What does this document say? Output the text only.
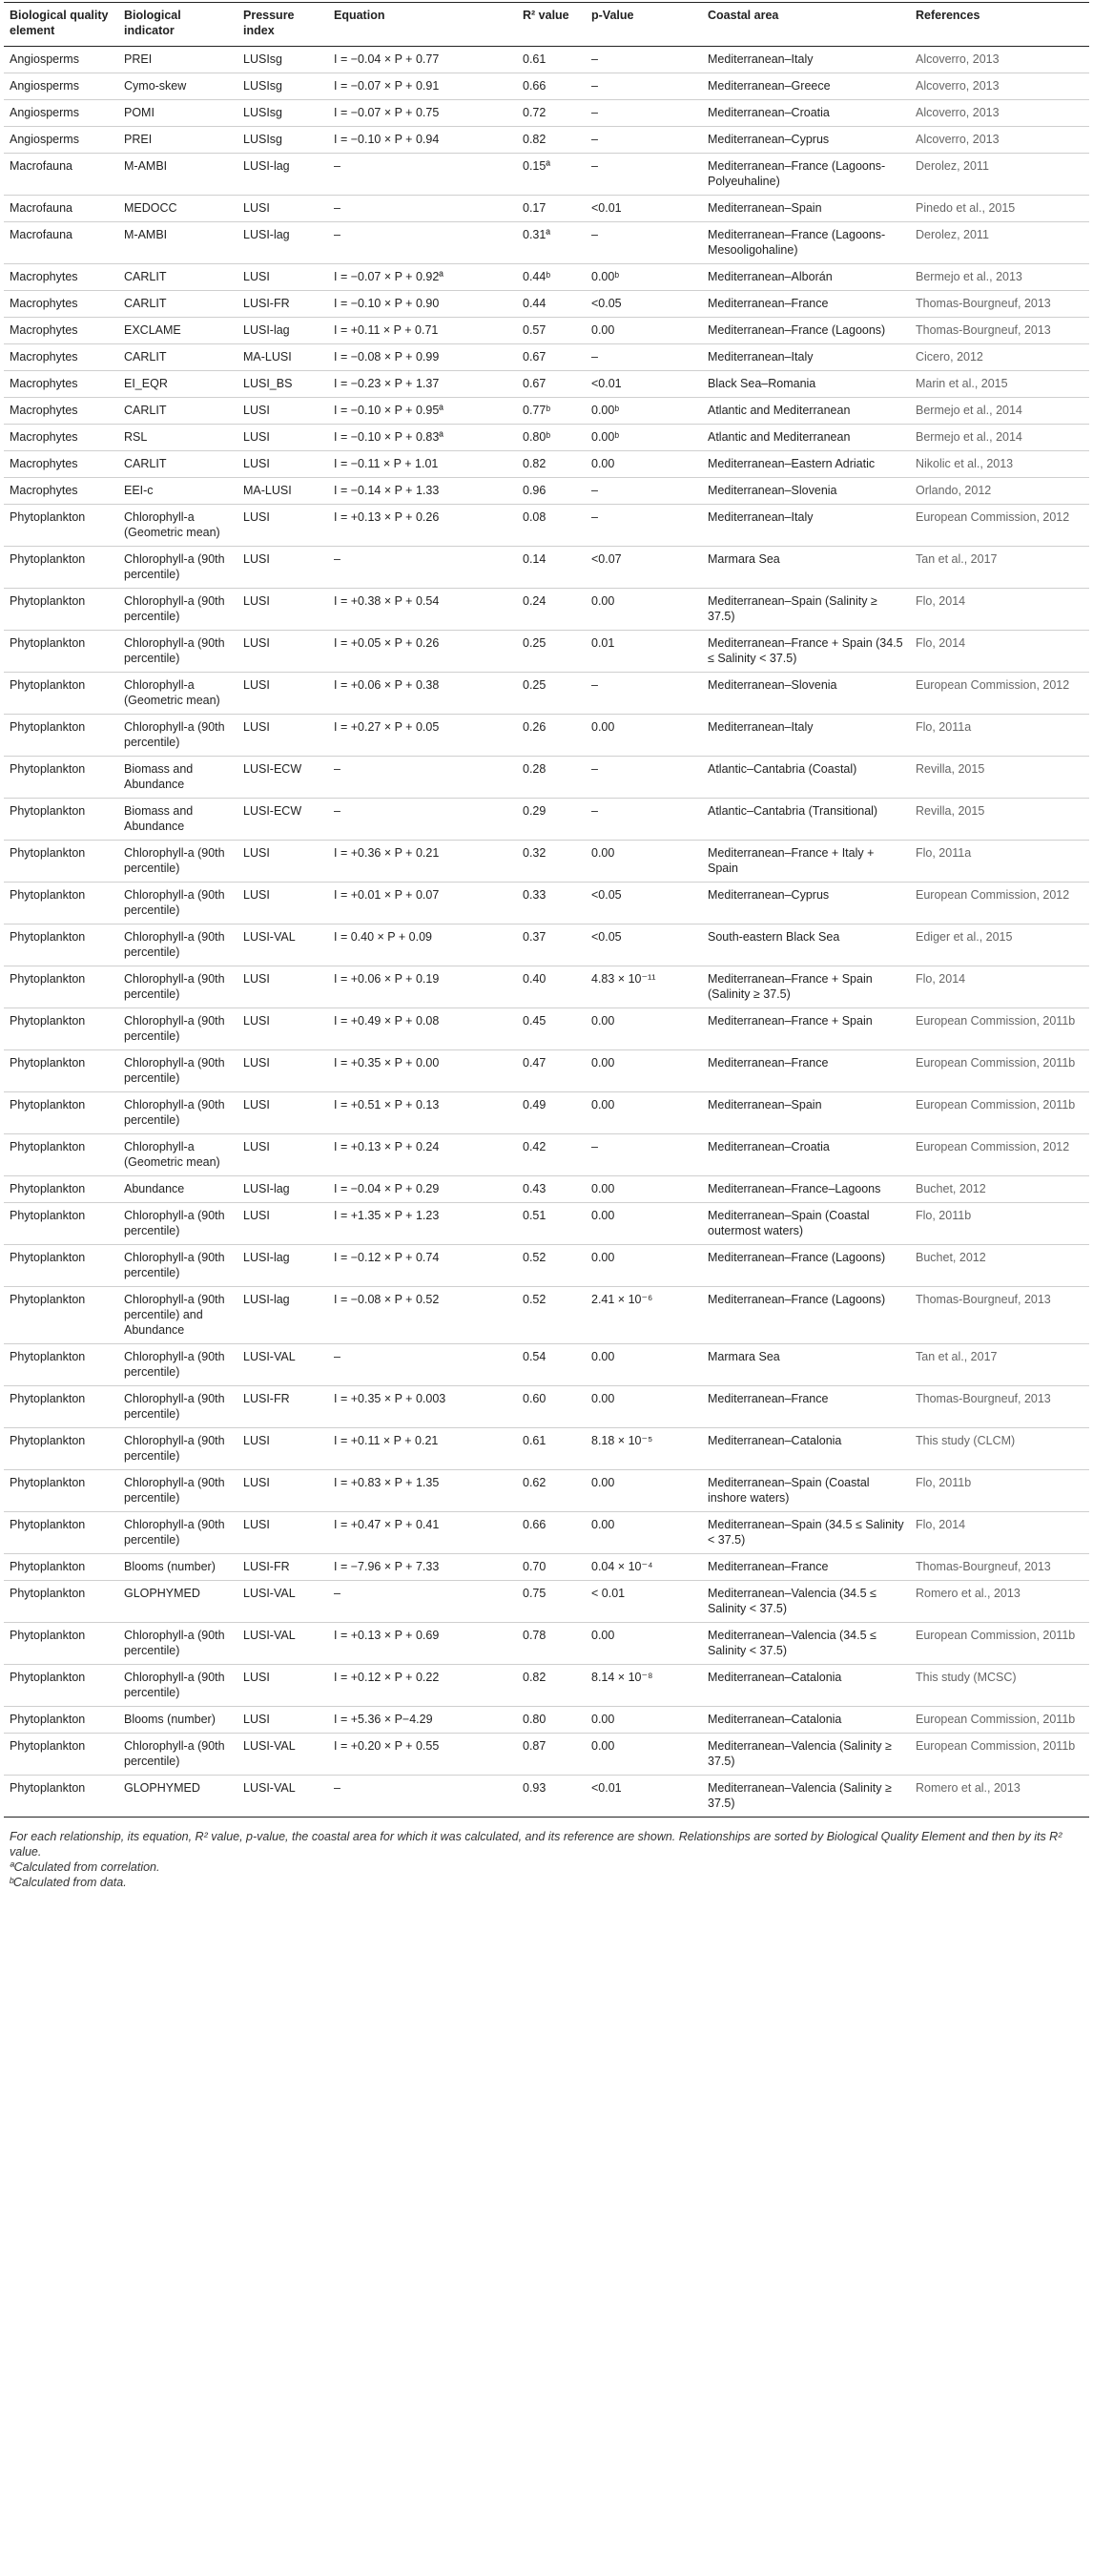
Biological quality element	Biological indicator	Pressure index	Equation	R² value	p-Value	Coastal area	References
Angiosperms	PREI	LUSIsg	I = −0.04 × P + 0.77	0.61	–	Mediterranean–Italy	Alcoverro, 2013
Angiosperms	Cymo-skew	LUSIsg	I = −0.07 × P + 0.91	0.66	–	Mediterranean–Greece	Alcoverro, 2013
Angiosperms	POMI	LUSIsg	I = −0.07 × P + 0.75	0.72	–	Mediterranean–Croatia	Alcoverro, 2013
Angiosperms	PREI	LUSIsg	I = −0.10 × P + 0.94	0.82	–	Mediterranean–Cyprus	Alcoverro, 2013
Macrofauna	M-AMBI	LUSI-lag	–	0.15ª	–	Mediterranean–France (Lagoons-Polyeuhaline)	Derolez, 2011
Macrofauna	MEDOCC	LUSI	–	0.17	<0.01	Mediterranean–Spain	Pinedo et al., 2015
Macrofauna	M-AMBI	LUSI-lag	–	0.31ª	–	Mediterranean–France (Lagoons-Mesooligohaline)	Derolez, 2011
Macrophytes	CARLIT	LUSI	I = −0.07 × P + 0.92ª	0.44ᵇ	0.00ᵇ	Mediterranean–Alborán	Bermejo et al., 2013
Macrophytes	CARLIT	LUSI-FR	I = −0.10 × P + 0.90	0.44	<0.05	Mediterranean–France	Thomas-Bourgneuf, 2013
Macrophytes	EXCLAME	LUSI-lag	I = +0.11 × P + 0.71	0.57	0.00	Mediterranean–France (Lagoons)	Thomas-Bourgneuf, 2013
Macrophytes	CARLIT	MA-LUSI	I = −0.08 × P + 0.99	0.67	–	Mediterranean–Italy	Cicero, 2012
Macrophytes	EI_EQR	LUSI_BS	I = −0.23 × P + 1.37	0.67	<0.01	Black Sea–Romania	Marin et al., 2015
Macrophytes	CARLIT	LUSI	I = −0.10 × P + 0.95ª	0.77ᵇ	0.00ᵇ	Atlantic and Mediterranean	Bermejo et al., 2014
Macrophytes	RSL	LUSI	I = −0.10 × P + 0.83ª	0.80ᵇ	0.00ᵇ	Atlantic and Mediterranean	Bermejo et al., 2014
Macrophytes	CARLIT	LUSI	I = −0.11 × P + 1.01	0.82	0.00	Mediterranean–Eastern Adriatic	Nikolic et al., 2013
Macrophytes	EEI-c	MA-LUSI	I = −0.14 × P + 1.33	0.96	–	Mediterranean–Slovenia	Orlando, 2012
Phytoplankton	Chlorophyll-a (Geometric mean)	LUSI	I = +0.13 × P + 0.26	0.08	–	Mediterranean–Italy	European Commission, 2012
Phytoplankton	Chlorophyll-a (90th percentile)	LUSI	–	0.14	<0.07	Marmara Sea	Tan et al., 2017
Phytoplankton	Chlorophyll-a (90th percentile)	LUSI	I = +0.38 × P + 0.54	0.24	0.00	Mediterranean–Spain (Salinity ≥ 37.5)	Flo, 2014
Phytoplankton	Chlorophyll-a (90th percentile)	LUSI	I = +0.05 × P + 0.26	0.25	0.01	Mediterranean–France + Spain (34.5 ≤ Salinity < 37.5)	Flo, 2014
Phytoplankton	Chlorophyll-a (Geometric mean)	LUSI	I = +0.06 × P + 0.38	0.25	–	Mediterranean–Slovenia	European Commission, 2012
Phytoplankton	Chlorophyll-a (90th percentile)	LUSI	I = +0.27 × P + 0.05	0.26	0.00	Mediterranean–Italy	Flo, 2011a
Phytoplankton	Biomass and Abundance	LUSI-ECW	–	0.28	–	Atlantic–Cantabria (Coastal)	Revilla, 2015
Phytoplankton	Biomass and Abundance	LUSI-ECW	–	0.29	–	Atlantic–Cantabria (Transitional)	Revilla, 2015
Phytoplankton	Chlorophyll-a (90th percentile)	LUSI	I = +0.36 × P + 0.21	0.32	0.00	Mediterranean–France + Italy + Spain	Flo, 2011a
Phytoplankton	Chlorophyll-a (90th percentile)	LUSI	I = +0.01 × P + 0.07	0.33	<0.05	Mediterranean–Cyprus	European Commission, 2012
Phytoplankton	Chlorophyll-a (90th percentile)	LUSI-VAL	I = 0.40 × P + 0.09	0.37	<0.05	South-eastern Black Sea	Ediger et al., 2015
Phytoplankton	Chlorophyll-a (90th percentile)	LUSI	I = +0.06 × P + 0.19	0.40	4.83 × 10⁻¹¹	Mediterranean–France + Spain (Salinity ≥ 37.5)	Flo, 2014
Phytoplankton	Chlorophyll-a (90th percentile)	LUSI	I = +0.49 × P + 0.08	0.45	0.00	Mediterranean–France + Spain	European Commission, 2011b
Phytoplankton	Chlorophyll-a (90th percentile)	LUSI	I = +0.35 × P + 0.00	0.47	0.00	Mediterranean–France	European Commission, 2011b
Phytoplankton	Chlorophyll-a (90th percentile)	LUSI	I = +0.51 × P + 0.13	0.49	0.00	Mediterranean–Spain	European Commission, 2011b
Phytoplankton	Chlorophyll-a (Geometric mean)	LUSI	I = +0.13 × P + 0.24	0.42	–	Mediterranean–Croatia	European Commission, 2012
Phytoplankton	Abundance	LUSI-lag	I = −0.04 × P + 0.29	0.43	0.00	Mediterranean–France–Lagoons	Buchet, 2012
Phytoplankton	Chlorophyll-a (90th percentile)	LUSI	I = +1.35 × P + 1.23	0.51	0.00	Mediterranean–Spain (Coastal outermost waters)	Flo, 2011b
Phytoplankton	Chlorophyll-a (90th percentile)	LUSI-lag	I = −0.12 × P + 0.74	0.52	0.00	Mediterranean–France (Lagoons)	Buchet, 2012
Phytoplankton	Chlorophyll-a (90th percentile) and Abundance	LUSI-lag	I = −0.08 × P + 0.52	0.52	2.41 × 10⁻⁶	Mediterranean–France (Lagoons)	Thomas-Bourgneuf, 2013
Phytoplankton	Chlorophyll-a (90th percentile)	LUSI-VAL	–	0.54	0.00	Marmara Sea	Tan et al., 2017
Phytoplankton	Chlorophyll-a (90th percentile)	LUSI-FR	I = +0.35 × P + 0.003	0.60	0.00	Mediterranean–France	Thomas-Bourgneuf, 2013
Phytoplankton	Chlorophyll-a (90th percentile)	LUSI	I = +0.11 × P + 0.21	0.61	8.18 × 10⁻⁵	Mediterranean–Catalonia	This study (CLCM)
Phytoplankton	Chlorophyll-a (90th percentile)	LUSI	I = +0.83 × P + 1.35	0.62	0.00	Mediterranean–Spain (Coastal inshore waters)	Flo, 2011b
Phytoplankton	Chlorophyll-a (90th percentile)	LUSI	I = +0.47 × P + 0.41	0.66	0.00	Mediterranean–Spain (34.5 ≤ Salinity < 37.5)	Flo, 2014
Phytoplankton	Blooms (number)	LUSI-FR	I = −7.96 × P + 7.33	0.70	0.04 × 10⁻⁴	Mediterranean–France	Thomas-Bourgneuf, 2013
Phytoplankton	GLOPHYMED	LUSI-VAL	–	0.75	< 0.01	Mediterranean–Valencia (34.5 ≤ Salinity < 37.5)	Romero et al., 2013
Phytoplankton	Chlorophyll-a (90th percentile)	LUSI-VAL	I = +0.13 × P + 0.69	0.78	0.00	Mediterranean–Valencia (34.5 ≤ Salinity < 37.5)	European Commission, 2011b
Phytoplankton	Chlorophyll-a (90th percentile)	LUSI	I = +0.12 × P + 0.22	0.82	8.14 × 10⁻⁸	Mediterranean–Catalonia	This study (MCSC)
Phytoplankton	Blooms (number)	LUSI	I = +5.36 × P−4.29	0.80	0.00	Mediterranean–Catalonia	European Commission, 2011b
Phytoplankton	Chlorophyll-a (90th percentile)	LUSI-VAL	I = +0.20 × P + 0.55	0.87	0.00	Mediterranean–Valencia (Salinity ≥ 37.5)	European Commission, 2011b
Phytoplankton	GLOPHYMED	LUSI-VAL	–	0.93	<0.01	Mediterranean–Valencia (Salinity ≥ 37.5)	Romero et al., 2013

For each relationship, its equation, R² value, p-value, the coastal area for which it was calculated, and its reference are shown. Relationships are sorted by Biological Quality Element and then by its R² value.

ªCalculated from correlation.

ᵇCalculated from data.
